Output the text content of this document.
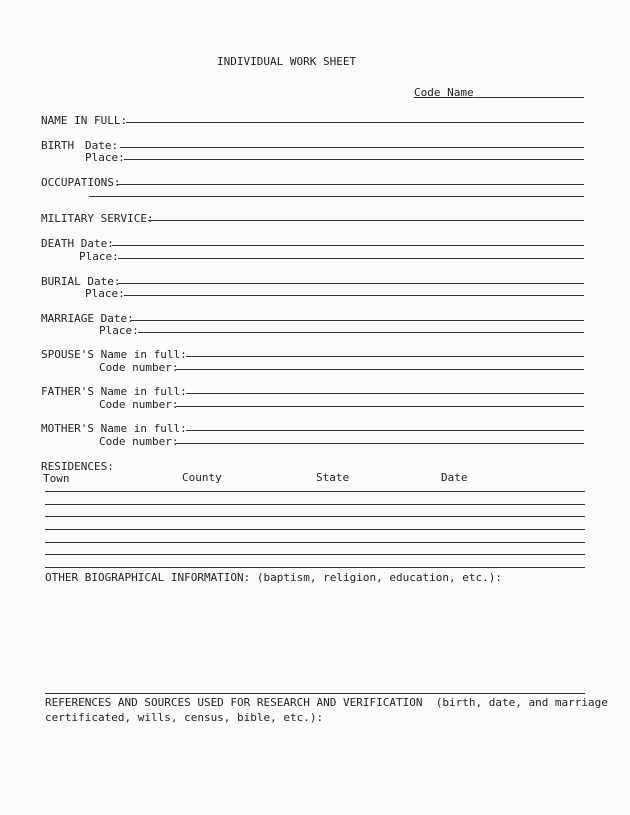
INDIVIDUAL WORK SHEET
Code Name
NAME IN FULL:
BIRTH Date:
Place:
OCCUPATIONS:
MILITARY SERVICE:
DEATH Date:
Place:
BURIAL Date:
Place:
MARRIAGE Date:
Place:
SPOUSE'S Name in full:
Code number:
FATHER'S Name in full:
Code number:
MOTHER'S Name in full:
Code number:
RESIDENCES:
Town	County	State	Date
OTHER BIOGRAPHICAL INFORMATION: (baptism, religion, education, etc.):
REFERENCES AND SOURCES USED FOR RESEARCH AND VERIFICATION  (birth, date, and marriage
certificated, wills, census, bible, etc.):
